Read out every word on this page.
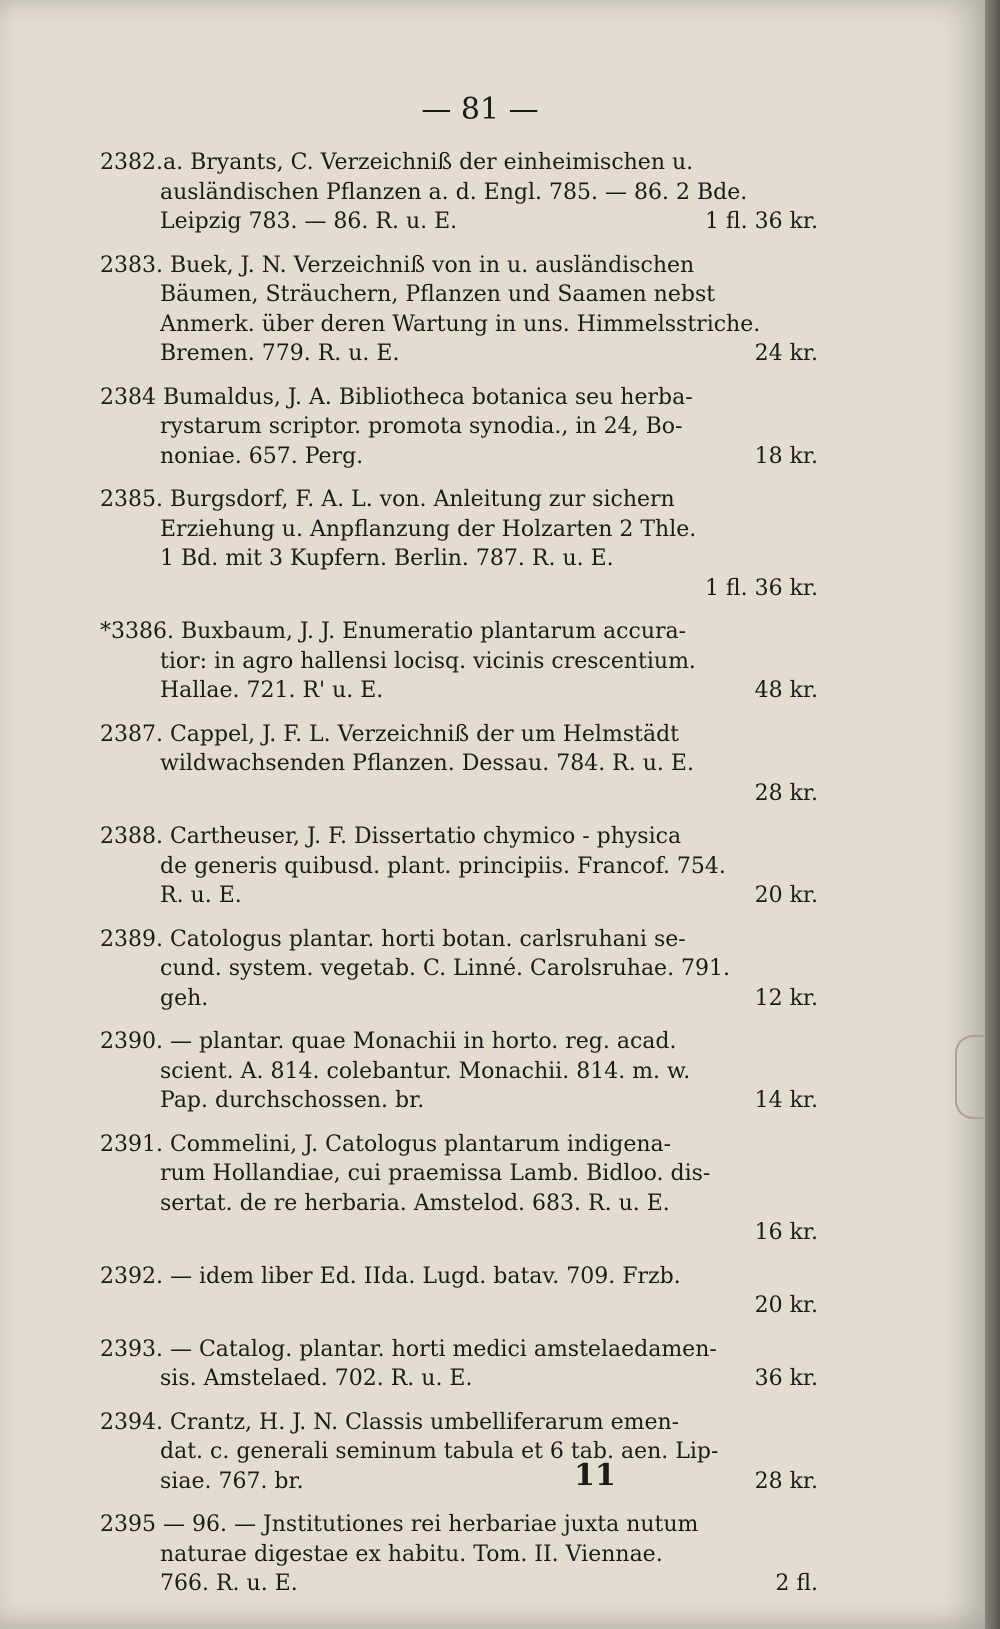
— 81 —
2382.a. Bryants, C. Verzeichniß der einheimischen u.
ausländischen Pflanzen a. d. Engl. 785. — 86. 2 Bde.
Leipzig 783. — 86. R. u. E.	1 fl. 36 kr.
2383. Buek, J. N. Verzeichniß von in u. ausländischen
Bäumen, Sträuchern, Pflanzen und Saamen nebst
Anmerk. über deren Wartung in uns. Himmelsstriche.
Bremen. 779. R. u. E.	24 kr.
2384 Bumaldus, J. A. Bibliotheca botanica seu herba-
rystarum scriptor. promota synodia., in 24, Bo-
noniae. 657. Perg.	18 kr.
2385. Burgsdorf, F. A. L. von. Anleitung zur sichern
Erziehung u. Anpflanzung der Holzarten 2 Thle.
1 Bd. mit 3 Kupfern. Berlin. 787. R. u. E.
1 fl. 36 kr.
*3386. Buxbaum, J. J. Enumeratio plantarum accura-
tior: in agro hallensi locisq. vicinis crescentium.
Hallae. 721. R' u. E.	48 kr.
2387. Cappel, J. F. L. Verzeichniß der um Helmstädt
wildwachsenden Pflanzen. Dessau. 784. R. u. E.
28 kr.
2388. Cartheuser, J. F. Dissertatio chymico - physica
de generis quibusd. plant. principiis. Francof. 754.
R. u. E.	20 kr.
2389. Catologus plantar. horti botan. carlsruhani se-
cund. system. vegetab. C. Linné. Carolsruhae. 791.
geh.	12 kr.
2390. — plantar. quae Monachii in horto. reg. acad.
scient. A. 814. colebantur. Monachii. 814. m. w.
Pap. durchschossen. br.	14 kr.
2391. Commelini, J. Catologus plantarum indigena-
rum Hollandiae, cui praemissa Lamb. Bidloo. dis-
sertat. de re herbaria. Amstelod. 683. R. u. E.
16 kr.
2392. — idem liber Ed. IIda. Lugd. batav. 709. Frzb.
20 kr.
2393. — Catalog. plantar. horti medici amstelaedamen-
sis. Amstelaed. 702. R. u. E.	36 kr.
2394. Crantz, H. J. N. Classis umbelliferarum emen-
dat. c. generali seminum tabula et 6 tab. aen. Lip-
siae. 767. br.	28 kr.
2395 — 96. — Jnstitutiones rei herbariae juxta nutum
naturae digestae ex habitu. Tom. II. Viennae.
766. R. u. E.	2 fl.
11
